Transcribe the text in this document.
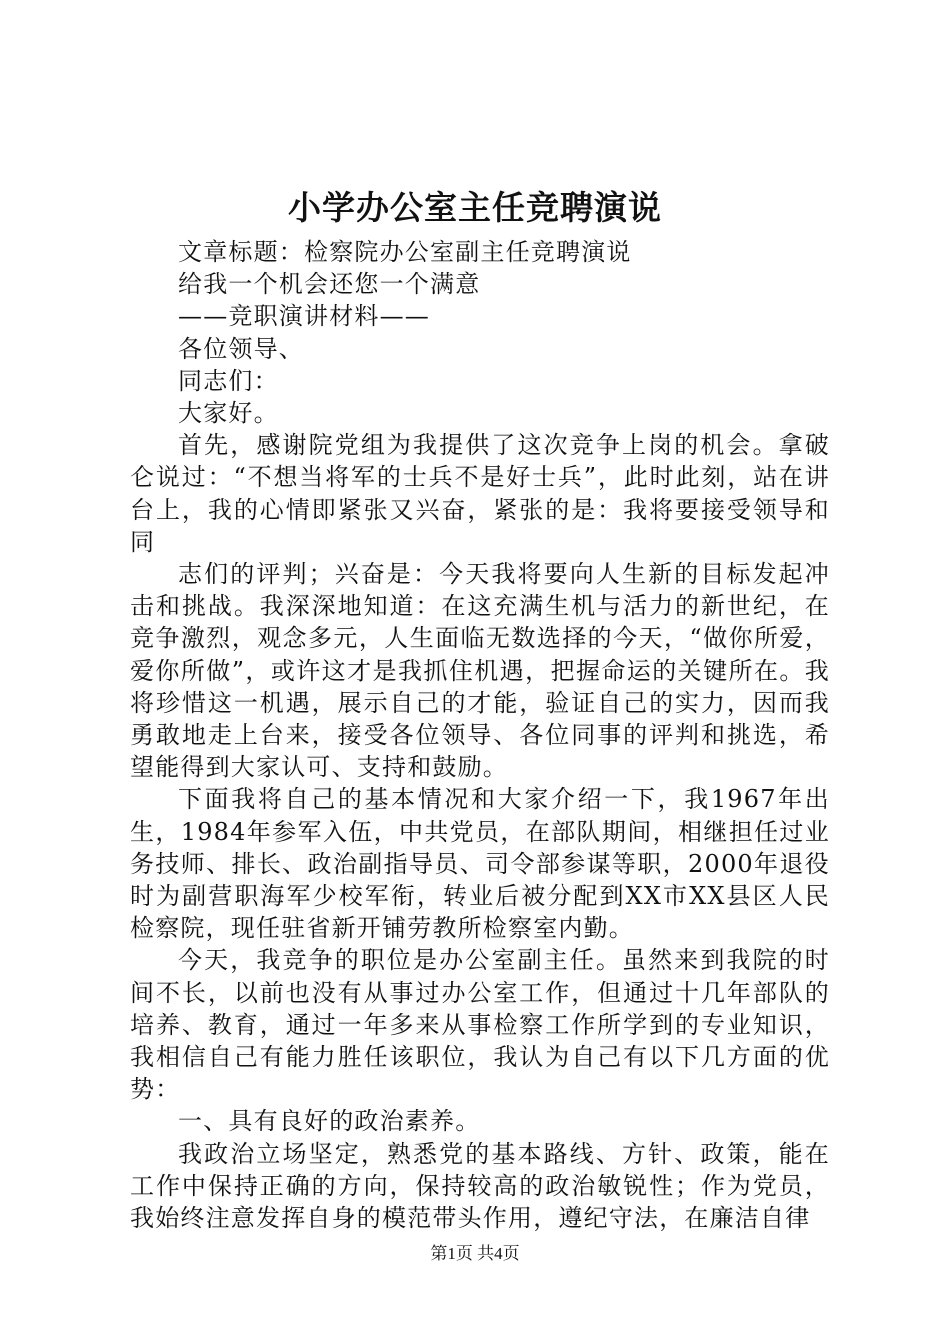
小学办公室主任竞聘演说

文章标题：检察院办公室副主任竞聘演说

给我一个机会还您一个满意

——竞职演讲材料——

各位领导、

同志们：

大家好。

首先，感谢院党组为我提供了这次竞争上岗的机会。拿破仑说过：“不想当将军的士兵不是好士兵”，此时此刻，站在讲台上，我的心情即紧张又兴奋，紧张的是：我将要接受领导和同

志们的评判；兴奋是：今天我将要向人生新的目标发起冲击和挑战。我深深地知道：在这充满生机与活力的新世纪，在竞争激烈，观念多元，人生面临无数选择的今天，“做你所爱，爱你所做”，或许这才是我抓住机遇，把握命运的关键所在。我将珍惜这一机遇，展示自己的才能，验证自己的实力，因而我勇敢地走上台来，接受各位领导、各位同事的评判和挑选，希望能得到大家认可、支持和鼓励。

下面我将自己的基本情况和大家介绍一下，我1967年出生，1984年参军入伍，中共党员，在部队期间，相继担任过业务技师、排长、政治副指导员、司令部参谋等职，2000年退役时为副营职海军少校军衔，转业后被分配到XX市XX县区人民检察院，现任驻省新开铺劳教所检察室内勤。

今天，我竞争的职位是办公室副主任。虽然来到我院的时间不长，以前也没有从事过办公室工作，但通过十几年部队的培养、教育，通过一年多来从事检察工作所学到的专业知识，我相信自己有能力胜任该职位，我认为自己有以下几方面的优势：

一、具有良好的政治素养。

我政治立场坚定，熟悉党的基本路线、方针、政策，能在工作中保持正确的方向，保持较高的政治敏锐性；作为党员，我始终注意发挥自身的模范带头作用，遵纪守法，在廉洁自律

第1页 共4页
